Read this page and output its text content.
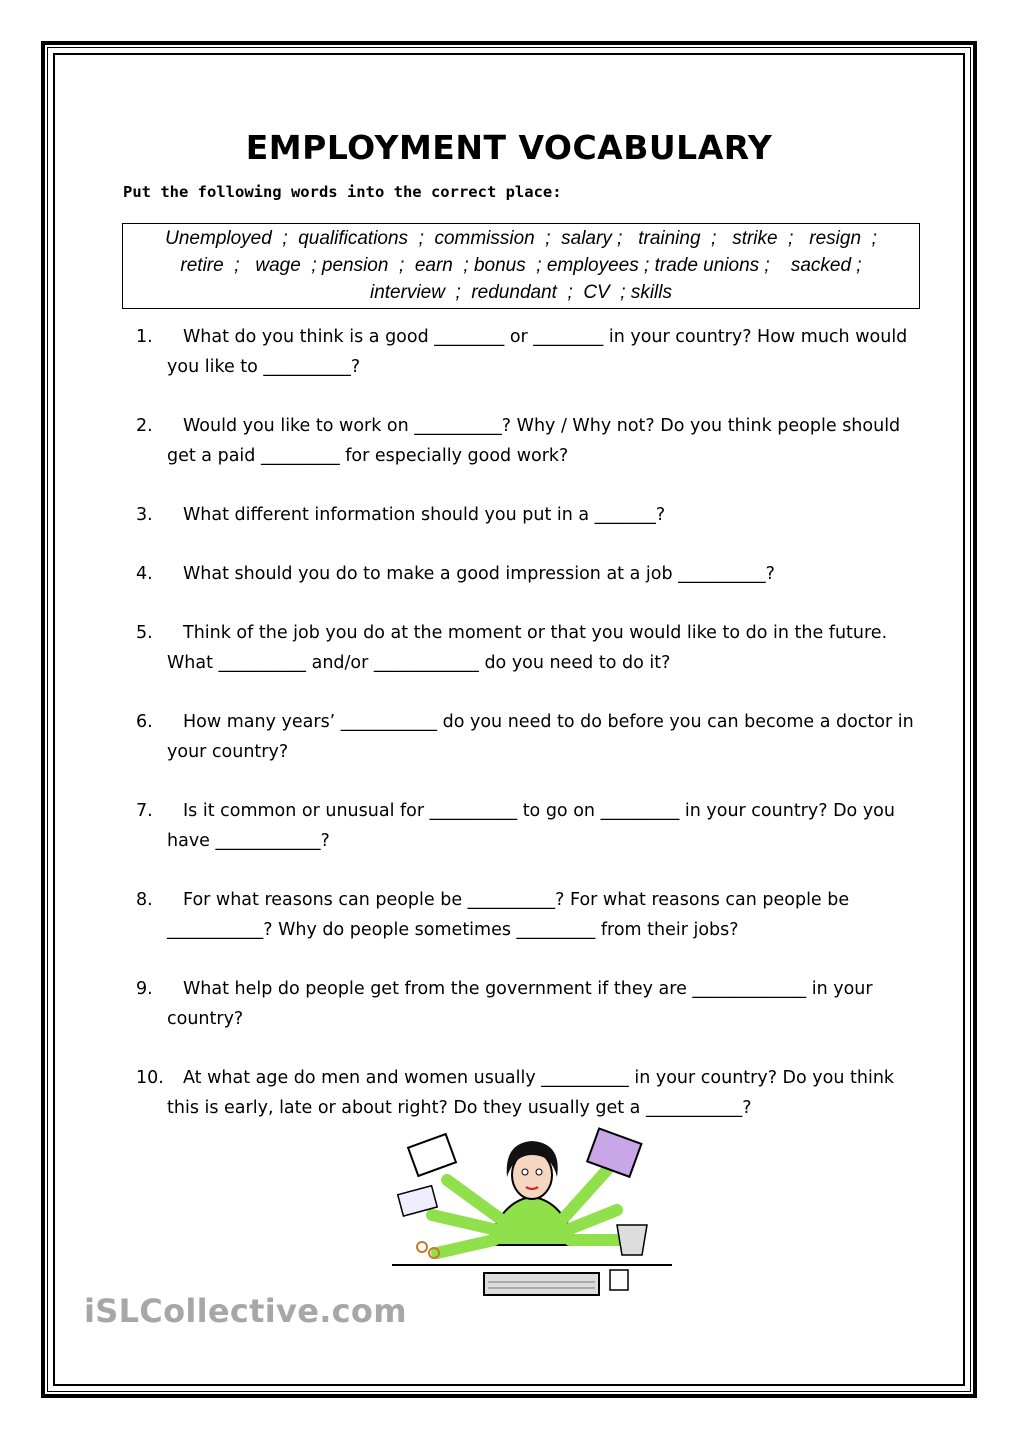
EMPLOYMENT VOCABULARY
Put the following words into the correct place:
Unemployed  ;  qualifications  ;  commission  ;  salary ;   training  ;   strike  ;   resign  ;
retire  ;   wage  ; pension  ;  earn  ; bonus  ; employees ; trade unions ;    sacked ;
interview  ;  redundant  ;  CV  ; skills
1.	What do you think is a good ________ or ________ in your country? How much would you like to __________?
2.	Would you like to work on __________? Why / Why not? Do you think people should get a paid _________ for especially good work?
3.	What different information should you put in a _______?
4.	What should you do to make a good impression at a job __________?
5.	Think of the job you do at the moment or that you would like to do in the future. What __________ and/or ____________ do you need to do it?
6.	How many years’ ___________ do you need to do before you can become a doctor in your country?
7.	Is it common or unusual for __________ to go on _________ in your country? Do you have ____________?
8.	For what reasons can people be __________? For what reasons can people be ___________? Why do people sometimes _________ from their jobs?
9.	What help do people get from the government if they are _____________ in your country?
10.	At what age do men and women usually __________ in your country? Do you think this is early, late or about right? Do they usually get a ___________?
iSLCollective.com
